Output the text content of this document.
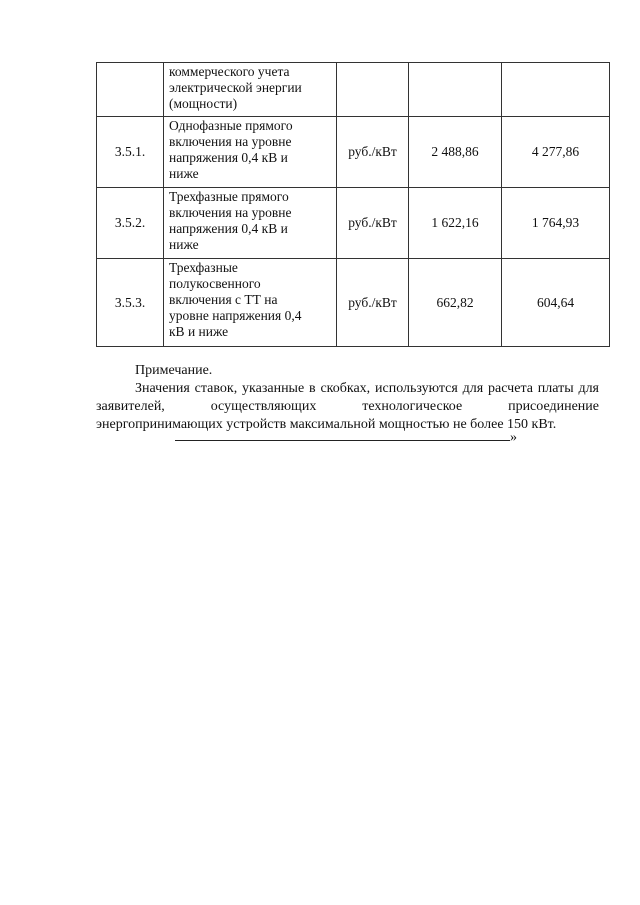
	коммерческого учета
электрической энергии
(мощности)			

3.5.1.	Однофазные прямого
включения на уровне
напряжения 0,4 кВ и
ниже	руб./кВт	2 488,86	4 277,86
3.5.2.	Трехфазные прямого
включения на уровне
напряжения 0,4 кВ и
ниже	руб./кВт	1 622,16	1 764,93
3.5.3.	Трехфазные
полукосвенного
включения с ТТ на
уровне напряжения 0,4
кВ и ниже	руб./кВт	662,82	604,64
Примечание.
Значения ставок, указанные в скобках, используются для расчета платы для заявителей, осуществляющих технологическое присоединение энергопринимающих устройств максимальной мощностью не более 150 кВт.
»
